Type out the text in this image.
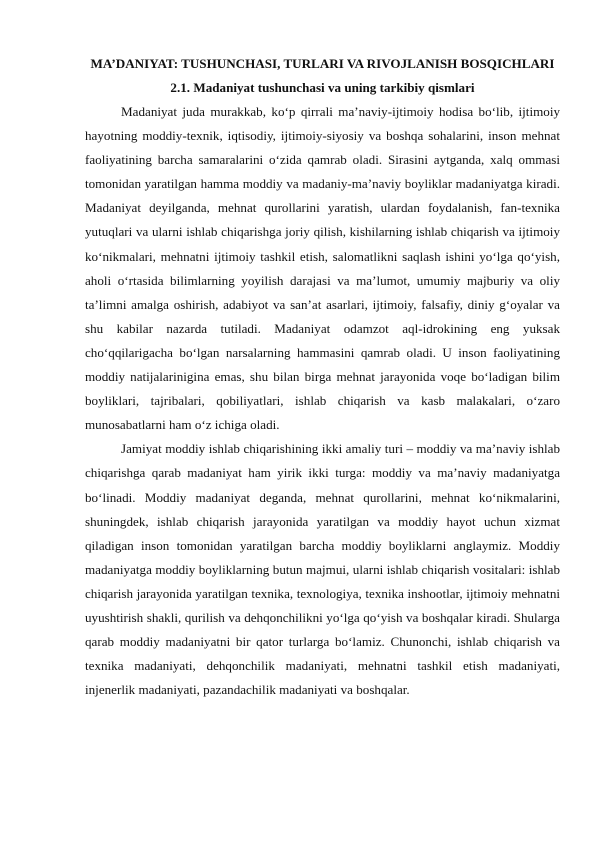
MA’DANIYAT: TUSHUNCHASI, TURLARI VA RIVOJLANISH BOSQICHLARI
2.1. Madaniyat tushunchasi va uning tarkibiy qismlari

Madaniyat juda murakkab, ko‘p qirrali ma’naviy-ijtimoiy hodisa bo‘lib, ijtimoiy hayotning moddiy-texnik, iqtisodiy, ijtimoiy-siyosiy va boshqa sohalarini, inson mehnat faoliyatining barcha samaralarini o‘zida qamrab oladi. Sirasini aytganda, xalq ommasi tomonidan yaratilgan hamma moddiy va madaniy-ma’naviy boyliklar madaniyatga kiradi. Madaniyat deyilganda, mehnat qurollarini yaratish, ulardan foydalanish, fan-texnika yutuqlari va ularni ishlab chiqarishga joriy qilish, kishilarning ishlab chiqarish va ijtimoiy ko‘nikmalari, mehnatni ijtimoiy tashkil etish, salomatlikni saqlash ishini yo‘lga qo‘yish, aholi o‘rtasida bilimlarning yoyilish darajasi va ma’lumot, umumiy majburiy va oliy ta’limni amalga oshirish, adabiyot va san’at asarlari, ijtimoiy, falsafiy, diniy g‘oyalar va shu kabilar nazarda tutiladi. Madaniyat odamzot aql-idrokining eng yuksak cho‘qqilarigacha bo‘lgan narsalarning hammasini qamrab oladi. U inson faoliyatining moddiy natijalarinigina emas, shu bilan birga mehnat jarayonida voqe bo‘ladigan bilim boyliklari, tajribalari, qobiliyatlari, ishlab chiqarish va kasb malakalari, o‘zaro munosabatlarni ham o‘z ichiga oladi.

Jamiyat moddiy ishlab chiqarishining ikki amaliy turi – moddiy va ma’naviy ishlab chiqarishga qarab madaniyat ham yirik ikki turga: moddiy va ma’naviy madaniyatga bo‘linadi. Moddiy madaniyat deganda, mehnat qurollarini, mehnat ko‘nikmalarini, shuningdek, ishlab chiqarish jarayonida yaratilgan va moddiy hayot uchun xizmat qiladigan inson tomonidan yaratilgan barcha moddiy boyliklarni anglaymiz. Moddiy madaniyatga moddiy boyliklarning butun majmui, ularni ishlab chiqarish vositalari: ishlab chiqarish jarayonida yaratilgan texnika, texnologiya, texnika inshootlar, ijtimoiy mehnatni uyushtirish shakli, qurilish va dehqonchilikni yo‘lga qo‘yish va boshqalar kiradi. Shularga qarab moddiy madaniyatni bir qator turlarga bo‘lamiz. Chunonchi, ishlab chiqarish va texnika madaniyati, dehqonchilik madaniyati, mehnatni tashkil etish madaniyati, injenerlik madaniyati, pazandachilik madaniyati va boshqalar.
